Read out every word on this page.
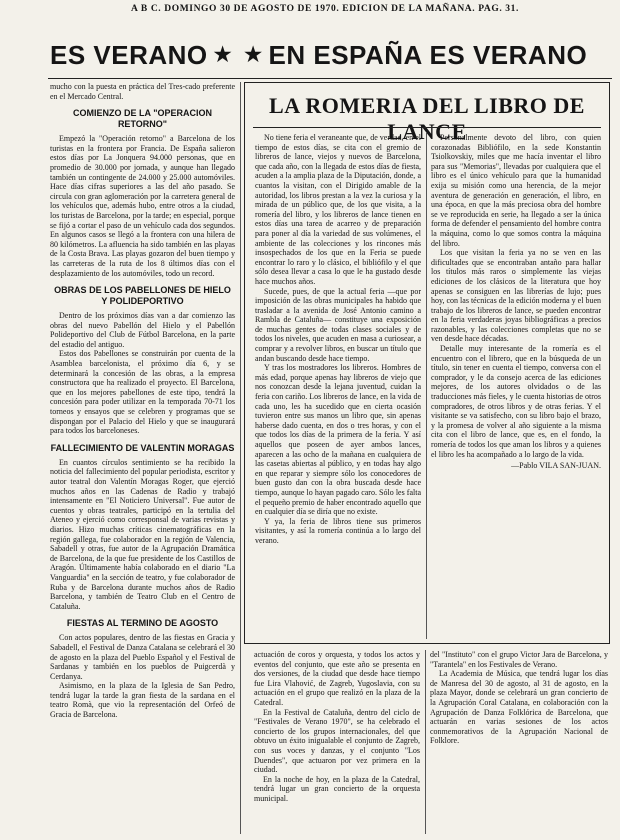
A B C. DOMINGO 30 DE AGOSTO DE 1970. EDICION DE LA MAÑANA. PAG. 31.
ES VERANO ★ ★ EN ESPAÑA ES VERANO

mucho con la puesta en práctica del Tres-cado preferente en el Mercado Central.

COMIENZO DE LA "OPERACION RETORNO"

Empezó la "Operación retorno" a Barcelona de los turistas en la frontera por Francia. De España salieron estos días por La Jonquera 94.000 personas, que en promedio de 30.000 por jornada, y aunque han llegado también un contingente de 24.000 y 25.000 automóviles. Hace días cifras superiores a las del año pasado. Se circula con gran aglomeración por la carretera general de los vehículos que, además hubo, entre otros a la ciudad, los turistas de Barcelona, por la tarde; en especial, porque se fijó a cortar el paso de un vehículo cada dos segundos. En algunos casos se llegó a la frontera con una hilera de 80 kilómetros. La afluencia ha sido también en las playas de la Costa Brava. Las playas gozaron del buen tiempo y las carreteras de la ruta de los 8 últimos días con el desplazamiento de los automóviles, todo un record.

OBRAS DE LOS PABELLONES DE HIELO Y POLIDEPORTIVO

Dentro de los próximos días van a dar comienzo las obras del nuevo Pabellón del Hielo y el Pabellón Polideportivo del Club de Fútbol Barcelona, en la parte del estadio del antiguo.

Estos dos Pabellones se construirán por cuenta de la Asamblea barcelonista, el próximo día 6, y se determinará la concesión de las obras, a la empresa constructora que ha realizado el proyecto. El Barcelona, que en los mejores pabellones de este tipo, tendrá la concesión para poder utilizar en la temporada 70-71 los torneos y ensayos que se celebren y programas que se dispongan por el Palacio del Hielo y que se inaugurará para todos los barceloneses.

FALLECIMIENTO DE VALENTIN MORAGAS

En cuantos círculos sentimiento se ha recibido la noticia del fallecimiento del popular periodista, escritor y autor teatral don Valentín Moragas Roger, que ejerció muchos años en las Cadenas de Radio y trabajó intensamente en "El Noticiero Universal". Fue autor de cuentos y obras teatrales, participó en la tertulia del Ateneo y ejerció como corresponsal de varias revistas y diarios. Hizo muchas críticas cinematográficas en la región gallega, fue colaborador en la región de Valencia, Sabadell y otras, fue autor de la Agrupación Dramática de Barcelona, de la que fue presidente de los Castillos de Aragón. Últimamente había colaborado en el diario "La Vanguardia" en la sección de teatro, y fue colaborador de Ruba y de Barcelona durante muchos años de Radio Barcelona, y también de Teatro Club en el Centro de Cataluña.

FIESTAS AL TERMINO DE AGOSTO

Con actos populares, dentro de las fiestas en Gracia y Sabadell, el Festival de Danza Catalana se celebrará el 30 de agosto en la plaza del Pueblo Español y el Festival de Sardanas y también en los pueblos de Puigcerdà y Cerdanya.

Asimismo, en la plaza de la Iglesia de San Pedro, tendrá lugar la tarde la gran fiesta de la sardana en el teatro Romà, que vio la representación del Orfeó de Gracia de Barcelona.

LA ROMERIA DEL LIBRO DE LANCE

No tiene feria el veraneante que, de verdad, en el tiempo de estos días, se cita con el gremio de libreros de lance, viejos y nuevos de Barcelona, que cada año, con la llegada de estos días de fiesta, acuden a la amplia plaza de la Diputación, donde, a cuantos la visitan, con el Dirigido amable de la autoridad, los libros prestan a la vez la curiosa y la mirada de un público que, de los que visita, a la romería del libro, y los libreros de lance tienen en estos días una tarea de acarreo y de preparación para poner al día la variedad de sus volúmenes, el ambiente de las colecciones y los rincones más insospechados de los que en la Feria se puede encontrar lo raro y lo clásico, el bibliófilo y el que sólo desea llevar a casa lo que le ha gustado desde hace muchos años.

Sucede, pues, de que la actual feria —que por imposición de las obras municipales ha habido que trasladar a la avenida de José Antonio camino a Rambla de Cataluña— constituye una exposición de muchas gentes de todas clases sociales y de todos los niveles, que acuden en masa a curiosear, a comprar y a revolver libros, en buscar un título que andan buscando desde hace tiempo.

Y tras los mostradores los libreros. Hombres de más edad, porque apenas hay libreros de viejo que nos conozcan desde la lejana juventud, cuidan la feria con cariño. Los libreros de lance, en la vida de cada uno, les ha sucedido que en cierta ocasión tuvieron entre sus manos un libro que, sin apenas haberse dado cuenta, en dos o tres horas, y con el que todos los días de la primera de la feria. Y así aquellos que poseen de ayer ambos lances, aparecen a las ocho de la mañana en cualquiera de las casetas abiertas al público, y en todas hay algo en que reparar y siempre sólo los conocedores de buen gusto dan con la obra buscada desde hace tiempo, aunque lo hayan pagado caro. Sólo les falta el pequeño premio de haber encontrado aquello que en cualquier día se diría que no existe.

Y ya, la feria de libros tiene sus primeros visitantes, y así la romería continúa a lo largo del verano.

Personalmente devoto del libro, con quien corazonadas Bibliófilo, en la sede Konstantin Tsiolkovskiy, miles que me hacía inventar el libro para sus "Memorias", llevadas por cualquiera que el libro es el único vehículo para que la humanidad exija su misión como una herencia, de la mejor aventura de generación en generación, el libro, en una época, en que la más preciosa obra del hombre se ve reproducida en serie, ha llegado a ser la única forma de defender el pensamiento del hombre contra la máquina, como lo que somos contra la máquina del libro.

Los que visitan la feria ya no se ven en las dificultades que se encontraban antaño para hallar los títulos más raros o simplemente las viejas ediciones de los clásicos de la literatura que hoy apenas se consiguen en las librerías de lujo; pues hoy, con las técnicas de la edición moderna y el buen trabajo de los libreros de lance, se pueden encontrar en la feria verdaderas joyas bibliográficas a precios razonables, y las colecciones completas que no se ven desde hace décadas.

Detalle muy interesante de la romería es el encuentro con el librero, que en la búsqueda de un título, sin tener en cuenta el tiempo, conversa con el comprador, y le da consejo acerca de las ediciones mejores, de los autores olvidados o de las traducciones más fieles, y le cuenta historias de otros compradores, de otros libros y de otras ferias. Y el visitante se va satisfecho, con su libro bajo el brazo, y la promesa de volver al año siguiente a la misma cita con el libro de lance, que es, en el fondo, la romería de todos los que aman los libros y a quienes el libro les ha acompañado a lo largo de la vida.

—Pablo VILA SAN-JUAN.

actuación de coros y orquesta, y todos los actos y eventos del conjunto, que este año se presenta en dos versiones, de la ciudad que desde hace tiempo fue Lira Vlahović, de Zagreb, Yugoslavia, con su actuación en el grupo que realizó en la plaza de la Catedral.

En la Festival de Cataluña, dentro del ciclo de "Festivales de Verano 1970", se ha celebrado el concierto de los grupos internacionales, del que obtuvo un éxito inigualable el conjunto de Zagreb, con sus voces y danzas, y el conjunto "Los Duendes", que actuaron por vez primera en la ciudad.

En la noche de hoy, en la plaza de la Catedral, tendrá lugar un gran concierto de la orquesta municipal.

del "Instituto" con el grupo Victor Jara de Barcelona, y "Tarantela" en los Festivales de Verano.

La Academia de Música, que tendrá lugar los días de Manresa del 30 de agosto, al 31 de agosto, en la plaza Mayor, donde se celebrará un gran concierto de la Agrupación Coral Catalana, en colaboración con la Agrupación de Danza Folklórica de Barcelona, que actuarán en varias sesiones de los actos conmemorativos de la Agrupación Nacional de Folklore.
